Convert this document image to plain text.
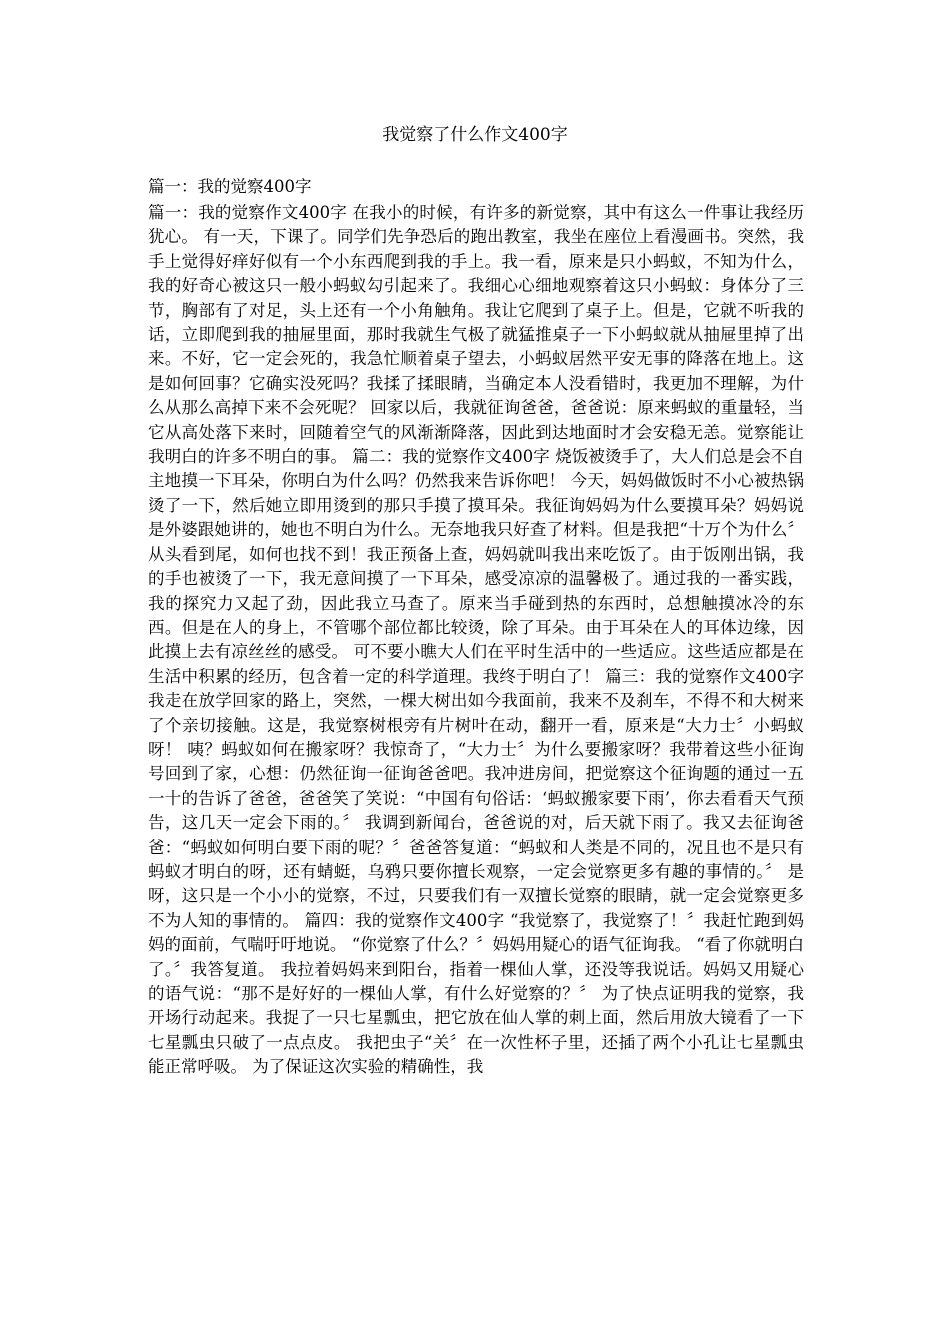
我觉察了什么作文400字

篇一：我的觉察400字

篇一：我的觉察作文400字 在我小的时候，有许多的新觉察，其中有这么一件事让我经历犹心。 有一天，下课了。同学们先争恐后的跑出教室，我坐在座位上看漫画书。突然，我手上觉得好痒好似有一个小东西爬到我的手上。我一看，原来是只小蚂蚁，不知为什么，我的好奇心被这只一般小蚂蚁勾引起来了。我细心心细地观察着这只小蚂蚁：身体分了三节，胸部有了对足，头上还有一个小角触角。我让它爬到了桌子上。但是，它就不听我的话，立即爬到我的抽屉里面，那时我就生气极了就猛推桌子一下小蚂蚁就从抽屉里掉了出来。不好，它一定会死的，我急忙顺着桌子望去，小蚂蚁居然平安无事的降落在地上。这是如何回事？它确实没死吗？我揉了揉眼睛，当确定本人没看错时，我更加不理解，为什么从那么高掉下来不会死呢？ 回家以后，我就征询爸爸，爸爸说：原来蚂蚁的重量轻，当它从高处落下来时，回随着空气的风渐渐降落，因此到达地面时才会安稳无恙。觉察能让我明白的许多不明白的事。 篇二：我的觉察作文400字 烧饭被烫手了，大人们总是会不自主地摸一下耳朵，你明白为什么吗？仍然我来告诉你吧！ 今天，妈妈做饭时不小心被热锅烫了一下，然后她立即用烫到的那只手摸了摸耳朵。我征询妈妈为什么要摸耳朵？妈妈说是外婆跟她讲的，她也不明白为什么。无奈地我只好查了材料。但是我把“十万个为什么〞从头看到尾，如何也找不到！我正预备上查，妈妈就叫我出来吃饭了。由于饭刚出锅，我的手也被烫了一下，我无意间摸了一下耳朵，感受凉凉的温馨极了。通过我的一番实践，我的探究力又起了劲，因此我立马查了。原来当手碰到热的东西时，总想触摸冰冷的东西。但是在人的身上，不管哪个部位都比较烫，除了耳朵。由于耳朵在人的耳体边缘，因此摸上去有凉丝丝的感受。 可不要小瞧大人们在平时生活中的一些适应。这些适应都是在生活中积累的经历，包含着一定的科学道理。我终于明白了！ 篇三：我的觉察作文400字 我走在放学回家的路上，突然，一棵大树出如今我面前，我来不及刹车，不得不和大树来了个亲切接触。这是，我觉察树根旁有片树叶在动，翻开一看，原来是“大力士〞小蚂蚁呀！ 咦？蚂蚁如何在搬家呀？我惊奇了，“大力士〞为什么要搬家呀？我带着这些小征询号回到了家，心想：仍然征询一征询爸爸吧。我冲进房间，把觉察这个征询题的通过一五一十的告诉了爸爸，爸爸笑了笑说：“中国有句俗话：‘蚂蚁搬家要下雨’，你去看看天气预告，这几天一定会下雨的。〞 我调到新闻台，爸爸说的对，后天就下雨了。我又去征询爸爸：“蚂蚁如何明白要下雨的呢？〞爸爸答复道：“蚂蚁和人类是不同的，况且也不是只有蚂蚁才明白的呀，还有蜻蜓，乌鸦只要你擅长观察，一定会觉察更多有趣的事情的。〞 是呀，这只是一个小小的觉察，不过，只要我们有一双擅长觉察的眼睛，就一定会觉察更多不为人知的事情的。 篇四：我的觉察作文400字 “我觉察了，我觉察了！〞我赶忙跑到妈妈的面前，气喘吁吁地说。 “你觉察了什么？〞妈妈用疑心的语气征询我。 “看了你就明白了。〞我答复道。 我拉着妈妈来到阳台，指着一棵仙人掌，还没等我说话。妈妈又用疑心的语气说：“那不是好好的一棵仙人掌，有什么好觉察的？〞 为了快点证明我的觉察，我开场行动起来。我捉了一只七星瓢虫，把它放在仙人掌的刺上面，然后用放大镜看了一下七星瓢虫只破了一点点皮。 我把虫子“关〞在一次性杯子里，还插了两个小孔让七星瓢虫能正常呼吸。 为了保证这次实验的精确性，我
